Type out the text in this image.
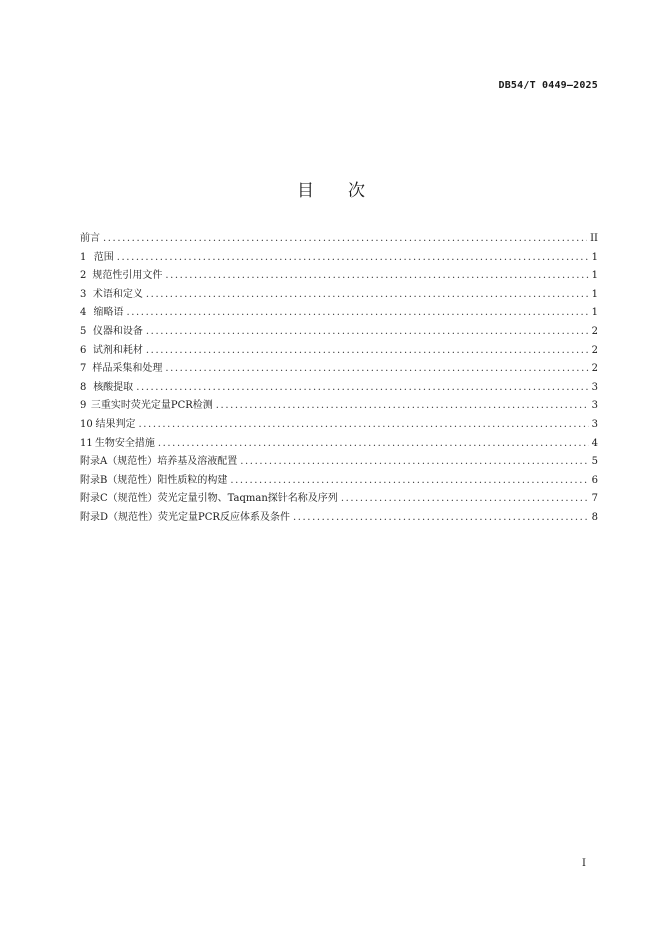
DB54/T 0449—2025
目 次
前言 .....	II
1 范围 .....	1
2 规范性引用文件 .....	1
3 术语和定义 .....	1
4 缩略语 .....	1
5 仪器和设备 .....	2
6 试剂和耗材 .....	2
7 样品采集和处理 .....	2
8 核酸提取 .....	3
9 三重实时荧光定量PCR检测 .....	3
10 结果判定 .....	3
11 生物安全措施 .....	4
附录A（规范性） 培养基及溶液配置 .....	5
附录B（规范性） 阳性质粒的构建 .....	6
附录C（规范性） 荧光定量引物、Taqman探针名称及序列 .....	7
附录D（规范性） 荧光定量PCR反应体系及条件 .....	8
I
